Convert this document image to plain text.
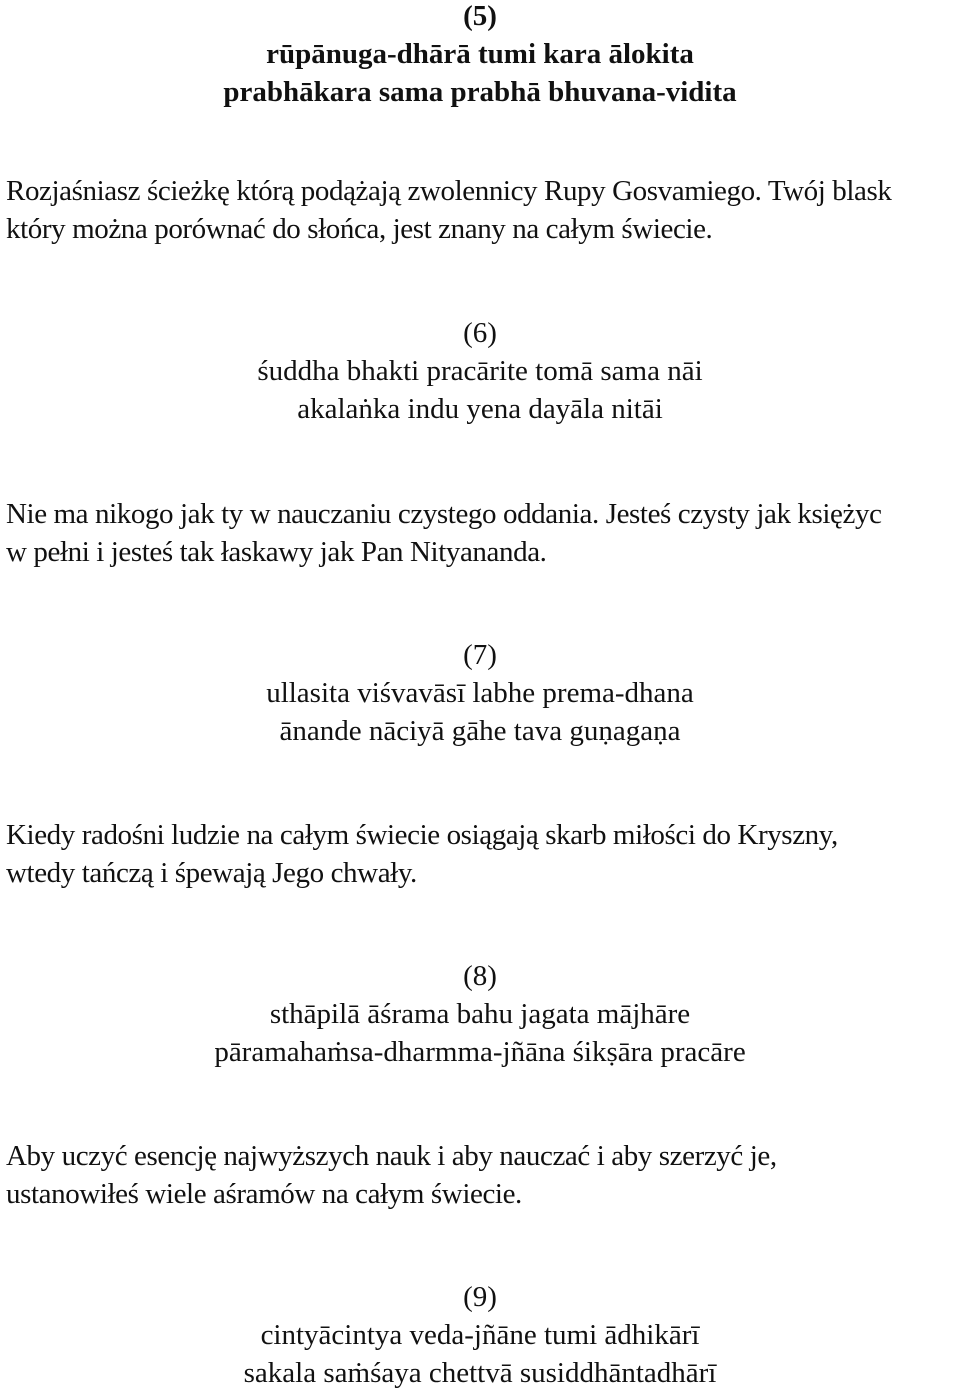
(5)
rūpānuga-dhārā tumi kara ālokita
prabhākara sama prabhā bhuvana-vidita
Rozjaśniasz ścieżkę którą podążają zwolennicy Rupy Gosvamiego. Twój blask
który można porównać do słońca, jest znany na całym świecie.
(6)
śuddha bhakti pracārite tomā sama nāi
akalaṅka indu yena dayāla nitāi
Nie ma nikogo jak ty w nauczaniu czystego oddania. Jesteś czysty jak księżyc
w pełni i jesteś tak łaskawy jak Pan Nityananda.
(7)
ullasita viśvavāsī labhe prema-dhana
ānande nāciyā gāhe tava guṇagaṇa
Kiedy radośni ludzie na całym świecie osiągają skarb miłości do Kryszny,
wtedy tańczą i śpewają Jego chwały.
(8)
sthāpilā āśrama bahu jagata mājhāre
pāramahaṁsa-dharmma-jñāna śikṣāra pracāre
Aby uczyć esencję najwyższych nauk i aby nauczać i aby szerzyć je,
ustanowiłeś wiele aśramów na całym świecie.
(9)
cintyācintya veda-jñāne tumi ādhikārī
sakala saṁśaya chettvā susiddhāntadhārī
